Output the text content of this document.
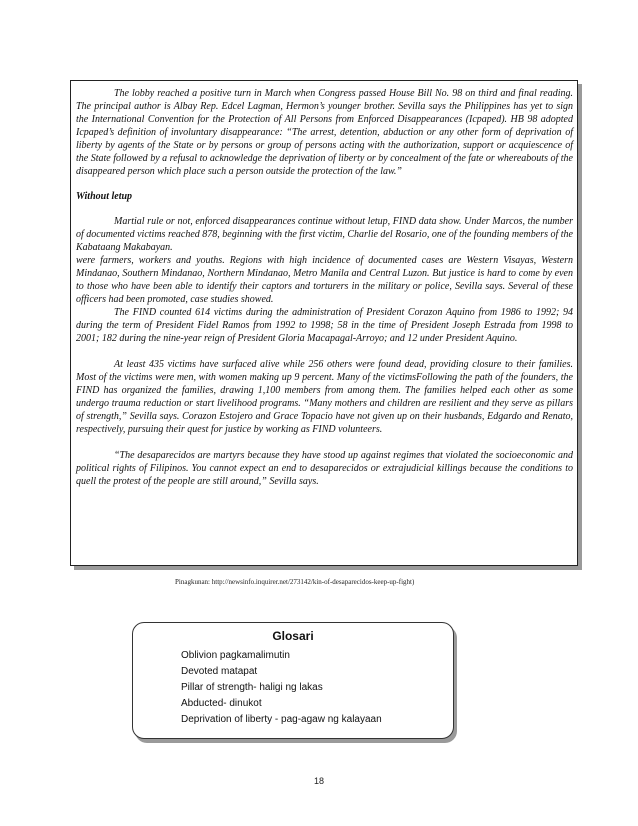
The lobby reached a positive turn in March when Congress passed House Bill No. 98 on third and final reading. The principal author is Albay Rep. Edcel Lagman, Hermon’s younger brother. Sevilla says the Philippines has yet to sign the International Convention for the Protection of All Persons from Enforced Disappearances (Icpaped). HB 98 adopted Icpaped’s definition of involuntary disappearance: “The arrest, detention, abduction or any other form of deprivation of liberty by agents of the State or by persons or group of persons acting with the authorization, support or acquiescence of the State followed by a refusal to acknowledge the deprivation of liberty or by concealment of the fate or whereabouts of the disappeared person which place such a person outside the protection of the law.”

Without letup

Martial rule or not, enforced disappearances continue without letup, FIND data show. Under Marcos, the number of documented victims reached 878, beginning with the first victim, Charlie del Rosario, one of the founding members of the Kabataang Makabayan.

were farmers, workers and youths. Regions with high incidence of documented cases are Western Visayas, Western Mindanao, Southern Mindanao, Northern Mindanao, Metro Manila and Central Luzon. But justice is hard to come by even to those who have been able to identify their captors and torturers in the military or police, Sevilla says. Several of these officers had been promoted, case studies showed.

The FIND counted 614 victims during the administration of President Corazon Aquino from 1986 to 1992; 94 during the term of President Fidel Ramos from 1992 to 1998; 58 in the time of President Joseph Estrada from 1998 to 2001; 182 during the nine-year reign of President Gloria Macapagal-Arroyo; and 12 under President Aquino.

At least 435 victims have surfaced alive while 256 others were found dead, providing closure to their families. Most of the victims were men, with women making up 9 percent. Many of the victimsFollowing the path of the founders, the FIND has organized the families, drawing 1,100 members from among them. The families helped each other as some undergo trauma reduction or start livelihood programs. “Many mothers and children are resilient and they serve as pillars of strength,” Sevilla says. Corazon Estojero and Grace Topacio have not given up on their husbands, Edgardo and Renato, respectively, pursuing their quest for justice by working as FIND volunteers.

“The desaparecidos are martyrs because they have stood up against regimes that violated the socioeconomic and political rights of Filipinos. You cannot expect an end to desaparecidos or extrajudicial killings because the conditions to quell the protest of the people are still around,” Sevilla says.

Pinagkunan: http://newsinfo.inquirer.net/273142/kin-of-desaparecidos-keep-up-fight)
Glosari
Oblivion pagkamalimutin
Devoted matapat
Pillar of strength- haligi ng lakas
Abducted- dinukot
Deprivation of liberty - pag-agaw ng kalayaan
18
